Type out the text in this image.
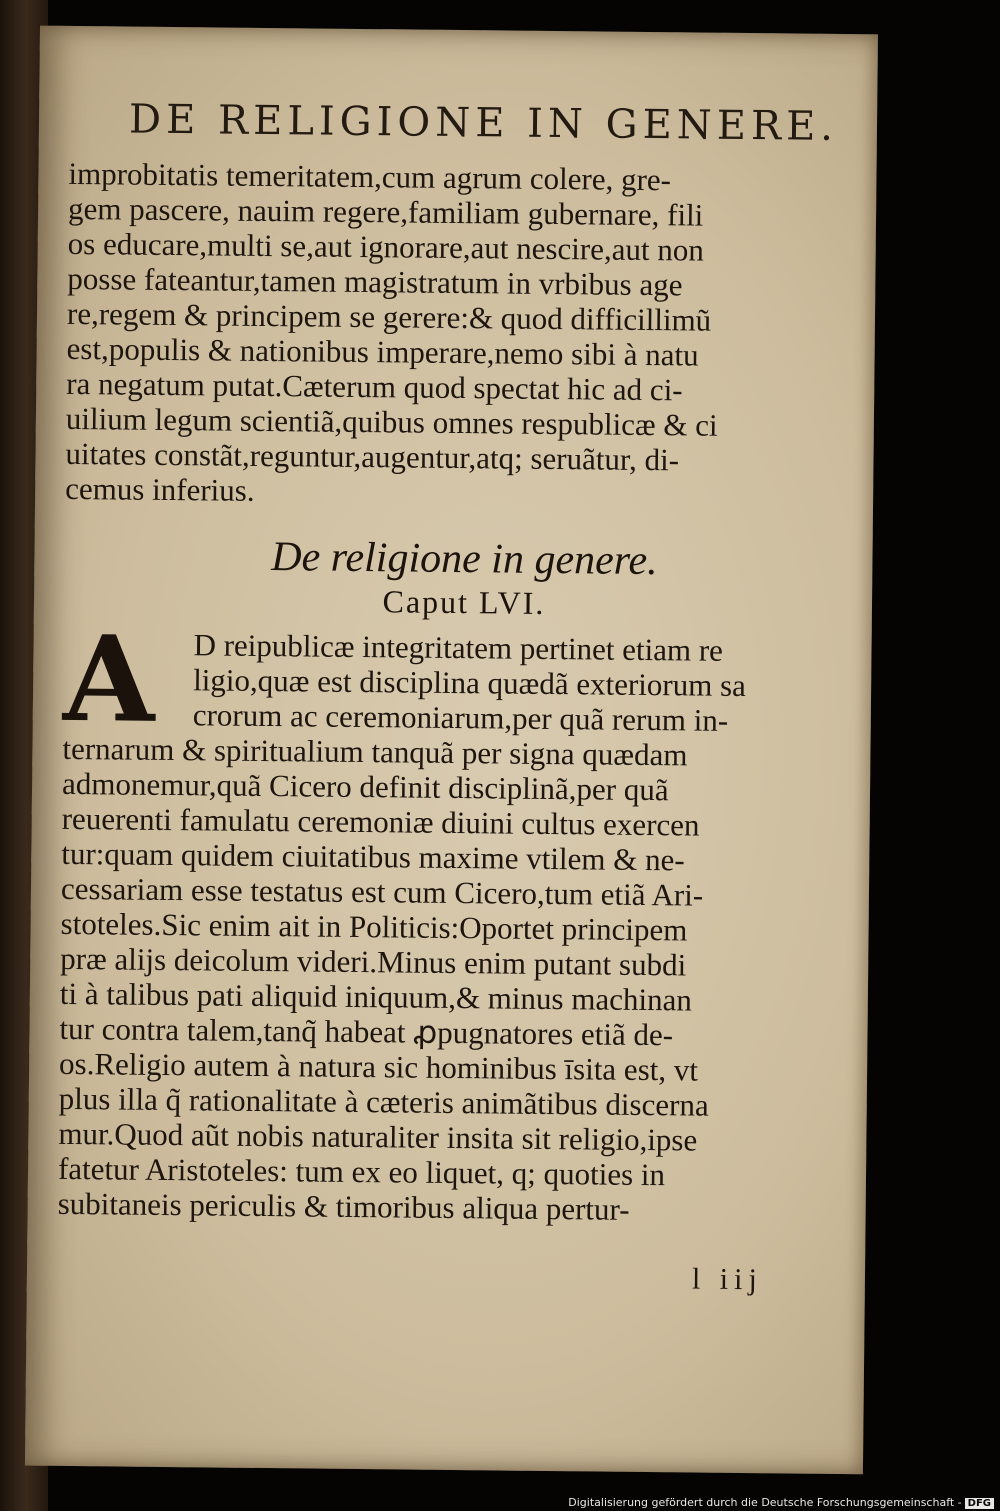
DE RELIGIONE IN GENERE.
improbitatis temeritatem,cum agrum colere, gre-
gem pascere, nauim regere,familiam gubernare, fili
os educare,multi se,aut ignorare,aut nescire,aut non
posse fateantur,tamen magistratum in vrbibus age
re,regem & principem se gerere:& quod difficillimũ
est,populis & nationibus imperare,nemo sibi à natu
ra negatum putat.Cæterum quod spectat hic ad ci-
uilium legum scientiã,quibus omnes respublicæ & ci
uitates constãt,reguntur,augentur,atq; seruãtur, di-
cemus inferius.
De religione in genere.
Caput LVI.
A	D reipublicæ integritatem pertinet etiam re
ligio,quæ est disciplina quædã exteriorum sa
crorum ac ceremoniarum,per quã rerum in-
ternarum & spiritualium tanquã per signa quædam
admonemur,quã Cicero definit disciplinã,per quã
reuerenti famulatu ceremoniæ diuini cultus exercen
tur:quam quidem ciuitatibus maxime vtilem & ne-
cessariam esse testatus est cum Cicero,tum etiã Ari-
stoteles.Sic enim ait in Politicis:Oportet principem
præ alijs deicolum videri.Minus enim putant subdi
ti à talibus pati aliquid iniquum,& minus machinan
tur contra talem,tanq̃ habeat ꝓpugnatores etiã de-
os.Religio autem à natura sic hominibus īsita est, vt
plus illa q̃ rationalitate à cæteris animãtibus discerna
mur.Quod aũt nobis naturaliter insita sit religio,ipse
fatetur Aristoteles: tum ex eo liquet, q; quoties in
subitaneis periculis & timoribus aliqua pertur-
l iij
Digitalisierung gefördert durch die Deutsche Forschungsgemeinschaft - DFG
